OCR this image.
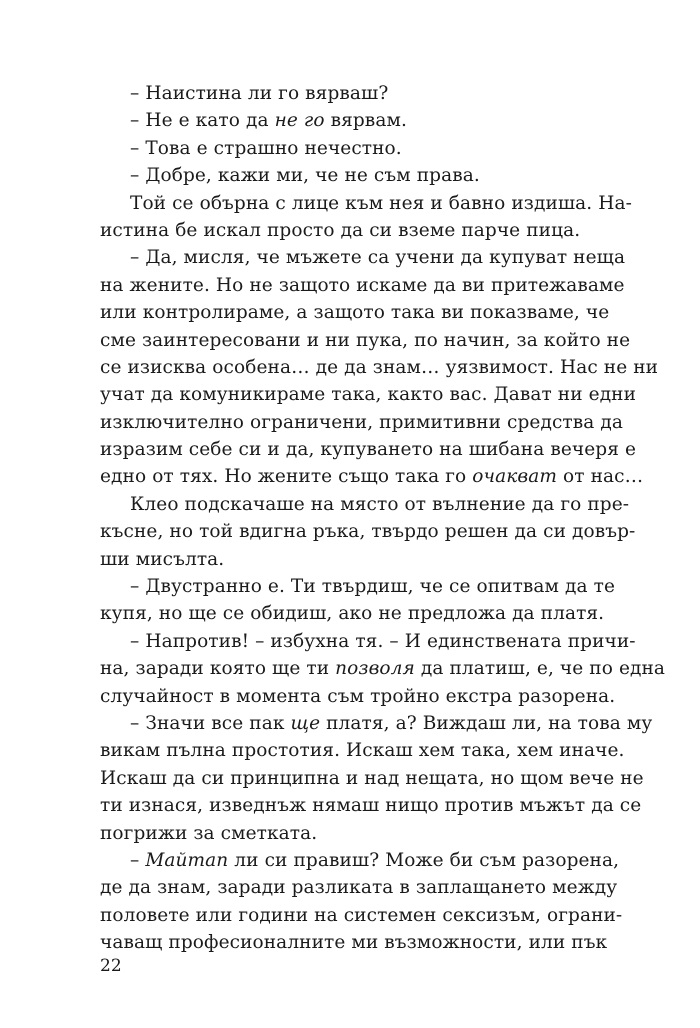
– Наистина ли го вярваш?
– Не е като да не го вярвам.
– Това е страшно нечестно.
– Добре, кажи ми, че не съм права.
Той се обърна с лице към нея и бавно издиша. На-
истина бе искал просто да си вземе парче пица.
– Да, мисля, че мъжете са учени да купуват неща
на жените. Но не защото искаме да ви притежаваме
или контролираме, а защото така ви показваме, че
сме заинтересовани и ни пука, по начин, за който не
се изисква особена… де да знам… уязвимост. Нас не ни
учат да комуникираме така, както вас. Дават ни едни
изключително ограничени, примитивни средства да
изразим себе си и да, купуването на шибана вечеря е
едно от тях. Но жените също така го очакват от нас…
Клео подскачаше на място от вълнение да го пре-
късне, но той вдигна ръка, твърдо решен да си довър-
ши мисълта.
– Двустранно е. Ти твърдиш, че се опитвам да те
купя, но ще се обидиш, ако не предложа да платя.
– Напротив! – избухна тя. – И единствената причи-
на, заради която ще ти позволя да платиш, е, че по една
случайност в момента съм тройно екстра разорена.
– Значи все пак ще платя, а? Виждаш ли, на това му
викам пълна простотия. Искаш хем така, хем иначе.
Искаш да си принципна и над нещата, но щом вече не
ти изнася, изведнъж нямаш нищо против мъжът да се
погрижи за сметката.
– Майтап ли си правиш? Може би съм разорена,
де да знам, заради разликата в заплащането между
половете или години на системен сексизъм, ограни-
чаващ професионалните ми възможности, или пък
22
